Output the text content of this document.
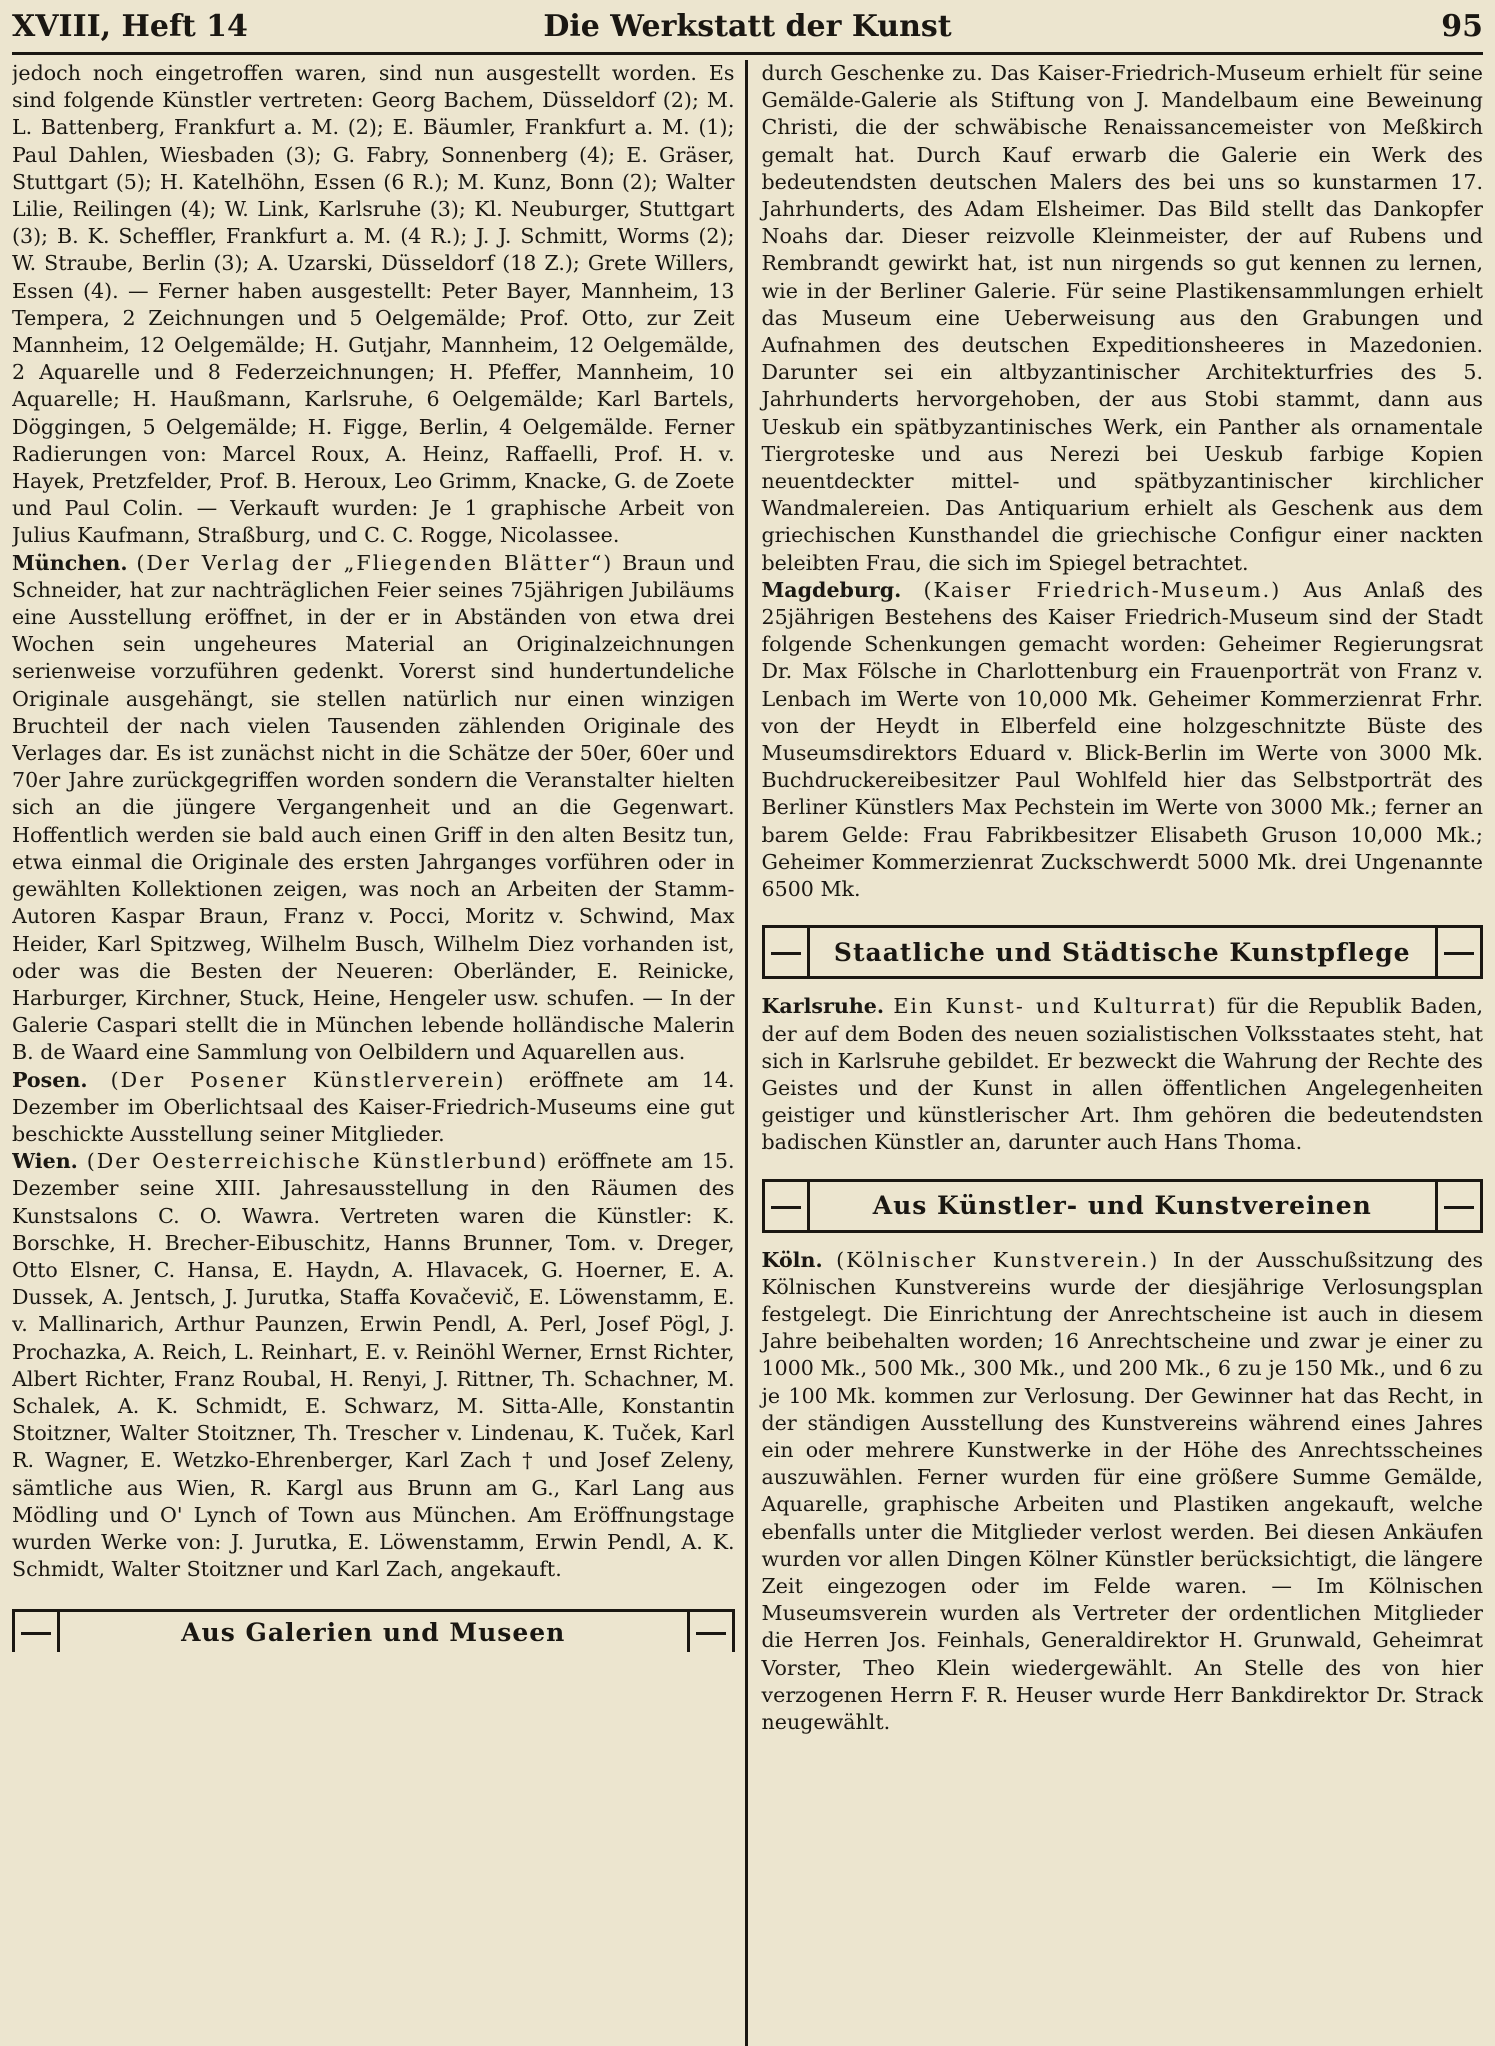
XVIII, Heft 14	Die Werkstatt der Kunst	95

jedoch noch eingetroffen waren, sind nun ausgestellt worden. Es sind folgende Künstler vertreten: Georg Bachem, Düsseldorf (2); M. L. Battenberg, Frankfurt a. M. (2); E. Bäumler, Frankfurt a. M. (1); Paul Dahlen, Wiesbaden (3); G. Fabry, Sonnenberg (4); E. Gräser, Stuttgart (5); H. Katelhöhn, Essen (6 R.); M. Kunz, Bonn (2); Walter Lilie, Reilingen (4); W. Link, Karlsruhe (3); Kl. Neuburger, Stuttgart (3); B. K. Scheffler, Frankfurt a. M. (4 R.); J. J. Schmitt, Worms (2); W. Straube, Berlin (3); A. Uzarski, Düsseldorf (18 Z.); Grete Willers, Essen (4). — Ferner haben ausgestellt: Peter Bayer, Mannheim, 13 Tempera, 2 Zeichnungen und 5 Oelgemälde; Prof. Otto, zur Zeit Mannheim, 12 Oelgemälde; H. Gutjahr, Mannheim, 12 Oelgemälde, 2 Aquarelle und 8 Federzeichnungen; H. Pfeffer, Mannheim, 10 Aquarelle; H. Haußmann, Karlsruhe, 6 Oelgemälde; Karl Bartels, Döggingen, 5 Oelgemälde; H. Figge, Berlin, 4 Oelgemälde. Ferner Radierungen von: Marcel Roux, A. Heinz, Raffaelli, Prof. H. v. Hayek, Pretzfelder, Prof. B. Heroux, Leo Grimm, Knacke, G. de Zoete und Paul Colin. — Verkauft wurden: Je 1 graphische Arbeit von Julius Kaufmann, Straßburg, und C. C. Rogge, Nicolassee.

München. (Der Verlag der „Fliegenden Blätter“) Braun und Schneider, hat zur nachträglichen Feier seines 75jährigen Jubiläums eine Ausstellung eröffnet, in der er in Abständen von etwa drei Wochen sein ungeheures Material an Originalzeichnungen serienweise vorzuführen gedenkt. Vorerst sind hundertundeliche Originale ausgehängt, sie stellen natürlich nur einen winzigen Bruchteil der nach vielen Tausenden zählenden Originale des Verlages dar. Es ist zunächst nicht in die Schätze der 50er, 60er und 70er Jahre zurückgegriffen worden sondern die Veranstalter hielten sich an die jüngere Vergangenheit und an die Gegenwart. Hoffentlich werden sie bald auch einen Griff in den alten Besitz tun, etwa einmal die Originale des ersten Jahrganges vorführen oder in gewählten Kollektionen zeigen, was noch an Arbeiten der Stamm-Autoren Kaspar Braun, Franz v. Pocci, Moritz v. Schwind, Max Heider, Karl Spitzweg, Wilhelm Busch, Wilhelm Diez vorhanden ist, oder was die Besten der Neueren: Oberländer, E. Reinicke, Harburger, Kirchner, Stuck, Heine, Hengeler usw. schufen. — In der Galerie Caspari stellt die in München lebende holländische Malerin B. de Waard eine Sammlung von Oelbildern und Aquarellen aus.

Posen. (Der Posener Künstlerverein) eröffnete am 14. Dezember im Oberlichtsaal des Kaiser-Friedrich-Museums eine gut beschickte Ausstellung seiner Mitglieder.

Wien. (Der Oesterreichische Künstlerbund) eröffnete am 15. Dezember seine XIII. Jahresausstellung in den Räumen des Kunstsalons C. O. Wawra. Vertreten waren die Künstler: K. Borschke, H. Brecher-Eibuschitz, Hanns Brunner, Tom. v. Dreger, Otto Elsner, C. Hansa, E. Haydn, A. Hlavacek, G. Hoerner, E. A. Dussek, A. Jentsch, J. Jurutka, Staffa Kovačevič, E. Löwenstamm, E. v. Mallinarich, Arthur Paunzen, Erwin Pendl, A. Perl, Josef Pögl, J. Prochazka, A. Reich, L. Reinhart, E. v. Reinöhl Werner, Ernst Richter, Albert Richter, Franz Roubal, H. Renyi, J. Rittner, Th. Schachner, M. Schalek, A. K. Schmidt, E. Schwarz, M. Sitta-Alle, Konstantin Stoitzner, Walter Stoitzner, Th. Trescher v. Lindenau, K. Tuček, Karl R. Wagner, E. Wetzko-Ehrenberger, Karl Zach † und Josef Zeleny, sämtliche aus Wien, R. Kargl aus Brunn am G., Karl Lang aus Mödling und O' Lynch of Town aus München. Am Eröffnungstage wurden Werke von: J. Jurutka, E. Löwenstamm, Erwin Pendl, A. K. Schmidt, Walter Stoitzner und Karl Zach, angekauft.

Aus Galerien und Museen

durch Geschenke zu. Das Kaiser-Friedrich-Museum erhielt für seine Gemälde-Galerie als Stiftung von J. Mandelbaum eine Beweinung Christi, die der schwäbische Renaissancemeister von Meßkirch gemalt hat. Durch Kauf erwarb die Galerie ein Werk des bedeutendsten deutschen Malers des bei uns so kunstarmen 17. Jahrhunderts, des Adam Elsheimer. Das Bild stellt das Dankopfer Noahs dar. Dieser reizvolle Kleinmeister, der auf Rubens und Rembrandt gewirkt hat, ist nun nirgends so gut kennen zu lernen, wie in der Berliner Galerie. Für seine Plastikensammlungen erhielt das Museum eine Ueberweisung aus den Grabungen und Aufnahmen des deutschen Expeditionsheeres in Mazedonien. Darunter sei ein altbyzantinischer Architekturfries des 5. Jahrhunderts hervorgehoben, der aus Stobi stammt, dann aus Ueskub ein spätbyzantinisches Werk, ein Panther als ornamentale Tiergroteske und aus Nerezi bei Ueskub farbige Kopien neuentdeckter mittel- und spätbyzantinischer kirchlicher Wandmalereien. Das Antiquarium erhielt als Geschenk aus dem griechischen Kunsthandel die griechische Configur einer nackten beleibten Frau, die sich im Spiegel betrachtet.

Magdeburg. (Kaiser Friedrich-Museum.) Aus Anlaß des 25jährigen Bestehens des Kaiser Friedrich-Museum sind der Stadt folgende Schenkungen gemacht worden: Geheimer Regierungsrat Dr. Max Fölsche in Charlottenburg ein Frauenporträt von Franz v. Lenbach im Werte von 10,000 Mk. Geheimer Kommerzienrat Frhr. von der Heydt in Elberfeld eine holzgeschnitzte Büste des Museumsdirektors Eduard v. Blick-Berlin im Werte von 3000 Mk. Buchdruckereibesitzer Paul Wohlfeld hier das Selbstporträt des Berliner Künstlers Max Pechstein im Werte von 3000 Mk.; ferner an barem Gelde: Frau Fabrikbesitzer Elisabeth Gruson 10,000 Mk.; Geheimer Kommerzienrat Zuckschwerdt 5000 Mk. drei Ungenannte 6500 Mk.

Staatliche und Städtische Kunstpflege

Karlsruhe. Ein Kunst- und Kulturrat) für die Republik Baden, der auf dem Boden des neuen sozialistischen Volksstaates steht, hat sich in Karlsruhe gebildet. Er bezweckt die Wahrung der Rechte des Geistes und der Kunst in allen öffentlichen Angelegenheiten geistiger und künstlerischer Art. Ihm gehören die bedeutendsten badischen Künstler an, darunter auch Hans Thoma.

Aus Künstler- und Kunstvereinen

Köln. (Kölnischer Kunstverein.) In der Ausschußsitzung des Kölnischen Kunstvereins wurde der diesjährige Verlosungsplan festgelegt. Die Einrichtung der Anrechtscheine ist auch in diesem Jahre beibehalten worden; 16 Anrechtscheine und zwar je einer zu 1000 Mk., 500 Mk., 300 Mk., und 200 Mk., 6 zu je 150 Mk., und 6 zu je 100 Mk. kommen zur Verlosung. Der Gewinner hat das Recht, in der ständigen Ausstellung des Kunstvereins während eines Jahres ein oder mehrere Kunstwerke in der Höhe des Anrechtsscheines auszuwählen. Ferner wurden für eine größere Summe Gemälde, Aquarelle, graphische Arbeiten und Plastiken angekauft, welche ebenfalls unter die Mitglieder verlost werden. Bei diesen Ankäufen wurden vor allen Dingen Kölner Künstler berücksichtigt, die längere Zeit eingezogen oder im Felde waren. — Im Kölnischen Museumsverein wurden als Vertreter der ordentlichen Mitglieder die Herren Jos. Feinhals, Generaldirektor H. Grunwald, Geheimrat Vorster, Theo Klein wiedergewählt. An Stelle des von hier verzogenen Herrn F. R. Heuser wurde Herr Bankdirektor Dr. Strack neugewählt.
